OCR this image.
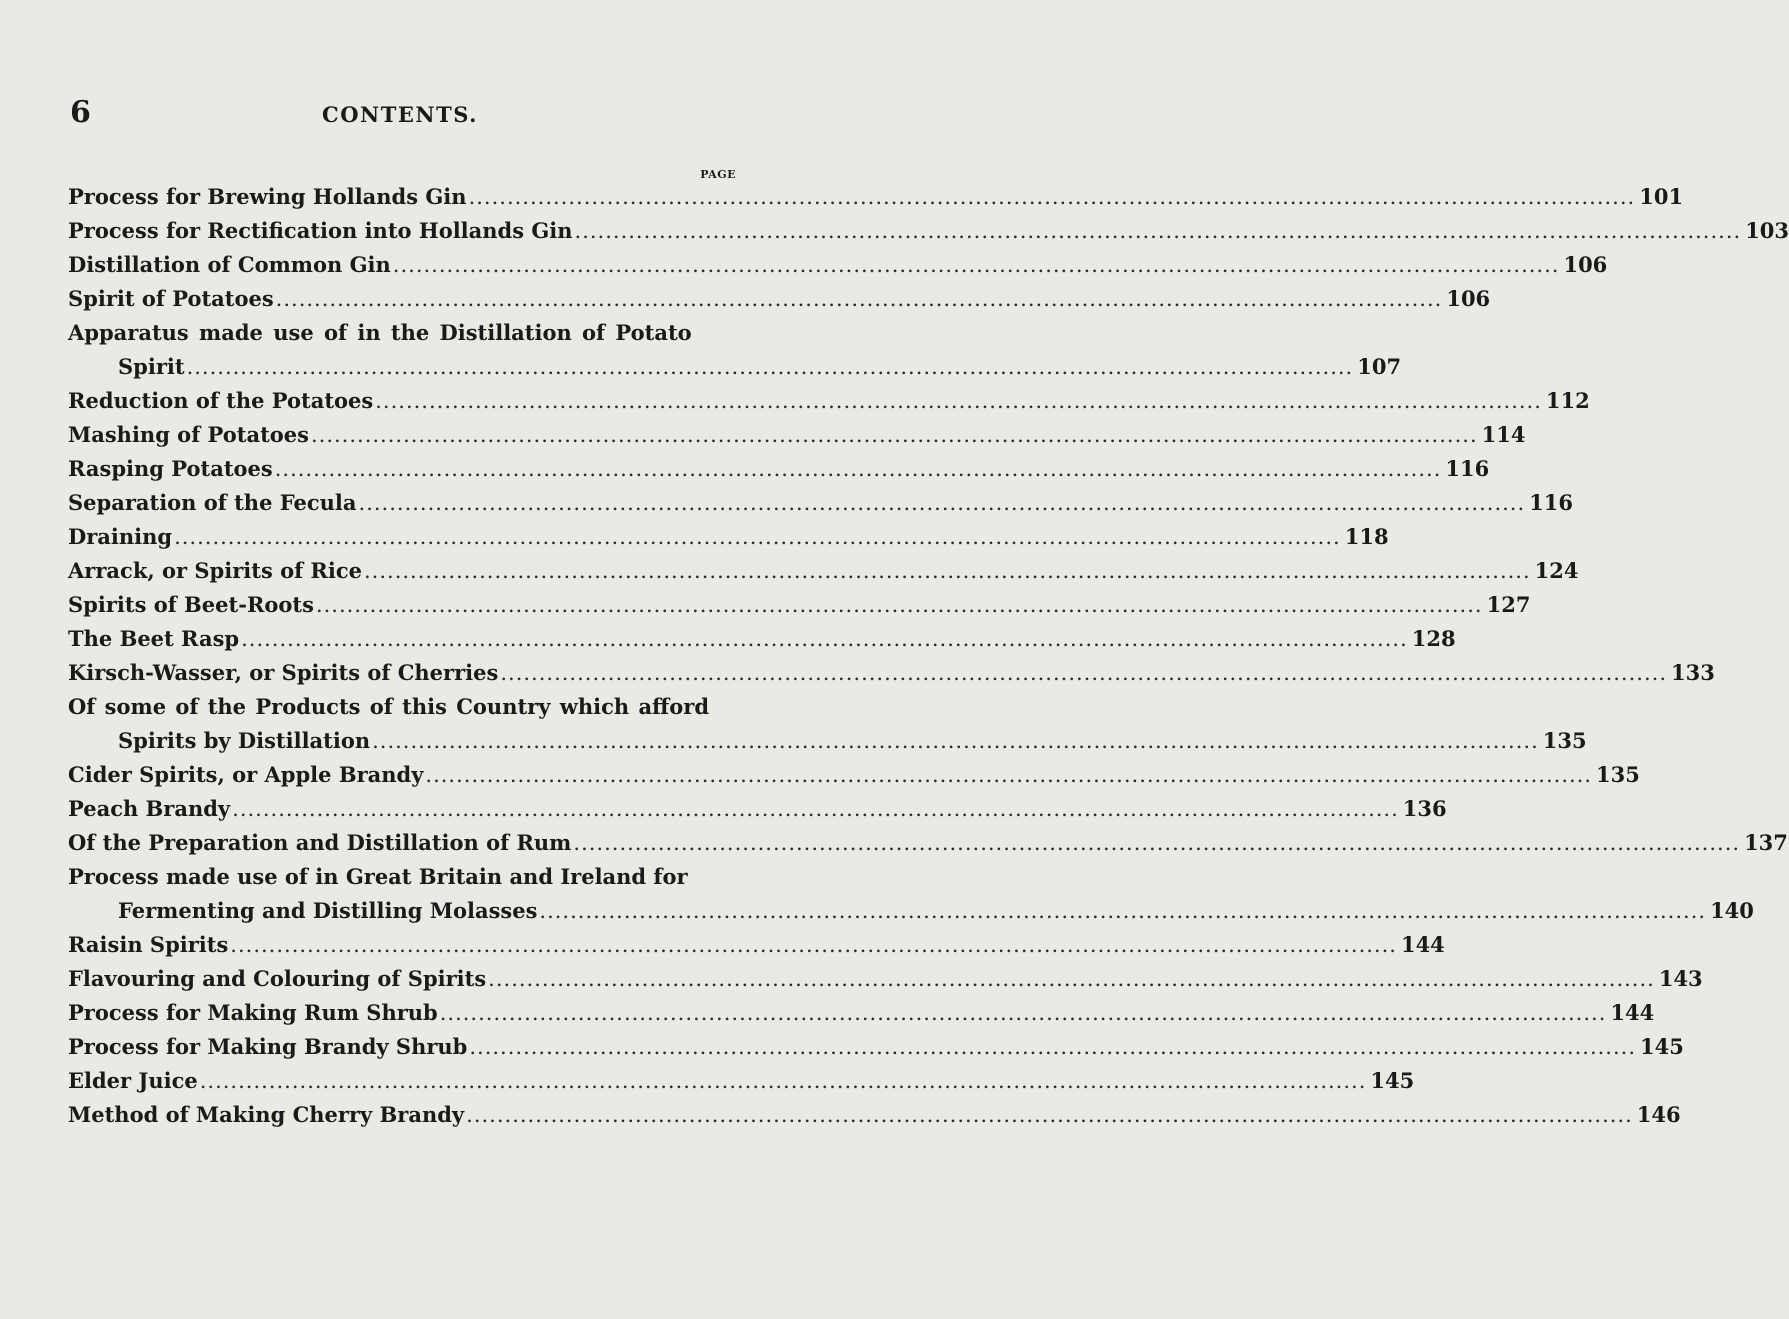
6	CONTENTS.
PAGE
Process for Brewing Hollands Gin .....	101
Process for Rectification into Hollands Gin .....	103
Distillation of Common Gin .....	106
Spirit of Potatoes .....	106
Apparatus made use of in the Distillation of Potato
Spirit .....	107
Reduction of the Potatoes .....	112
Mashing of Potatoes .....	114
Rasping Potatoes .....	116
Separation of the Fecula .....	116
Draining .....	118
Arrack, or Spirits of Rice .....	124
Spirits of Beet-Roots .....	127
The Beet Rasp .....	128
Kirsch-Wasser, or Spirits of Cherries .....	133
Of some of the Products of this Country which afford
Spirits by Distillation .....	135
Cider Spirits, or Apple Brandy .....	135
Peach Brandy .....	136
Of the Preparation and Distillation of Rum .....	137
Process made use of in Great Britain and Ireland for
Fermenting and Distilling Molasses .....	140
Raisin Spirits .....	144
Flavouring and Colouring of Spirits .....	143
Process for Making Rum Shrub .....	144
Process for Making Brandy Shrub .....	145
Elder Juice .....	145
Method of Making Cherry Brandy .....	146
